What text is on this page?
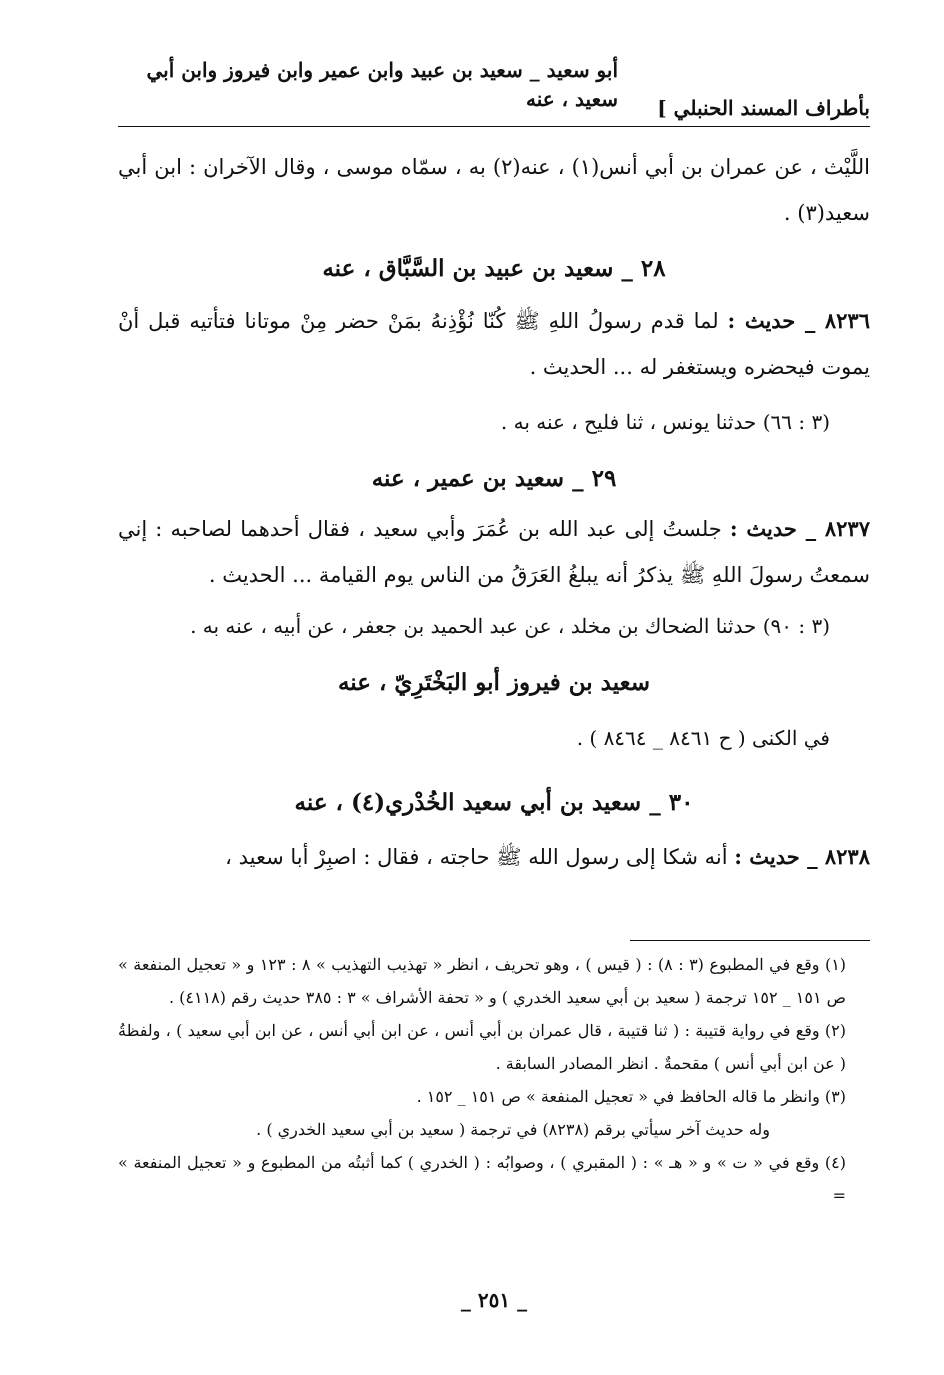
بأطراف المسند الحنبلي ]
أبو سعيد _ سعيد بن عبيد وابن عمير وابن فيروز وابن أبي
سعيد ، عنه

اللَّيْث ، عن عمران بن أبي أنس(١) ، عنه(٢) به ، سمّاه موسى ، وقال الآخران : ابن أبي سعيد(٣) .

٢٨ _ سعيد بن عبيد بن السَّبَّاق ، عنه

٨٢٣٦ _ حديث : لما قدم رسولُ اللهِ ﷺ كُنّا نُؤْذِنهُ بمَنْ حضر مِنْ موتانا فتأتيه قبل أنْ يموت فيحضره ويستغفر له ... الحديث .

(٣ : ٦٦) حدثنا يونس ، ثنا فليح ، عنه به .

٢٩ _ سعيد بن عمير ، عنه

٨٢٣٧ _ حديث : جلستُ إلى عبد الله بن عُمَرَ وأبي سعيد ، فقال أحدهما لصاحبه : إني سمعتُ رسولَ اللهِ ﷺ يذكرُ أنه يبلغُ العَرَقُ من الناس يوم القيامة ... الحديث .

(٣ : ٩٠) حدثنا الضحاك بن مخلد ، عن عبد الحميد بن جعفر ، عن أبيه ، عنه به .

سعيد بن فيروز أبو البَخْتَرِيّ ، عنه

في الكنى ( ح ٨٤٦١ _ ٨٤٦٤ ) .

٣٠ _ سعيد بن أبي سعيد الخُدْري(٤) ، عنه

٨٢٣٨ _ حديث : أنه شكا إلى رسول الله ﷺ حاجته ، فقال : اصبِرْ أبا سعيد ،

(١) وقع في المطبوع (٣ : ٨) : ( قيس ) ، وهو تحريف ، انظر « تهذيب التهذيب » ٨ : ١٢٣ و « تعجيل المنفعة » ص ١٥١ _ ١٥٢ ترجمة ( سعيد بن أبي سعيد الخدري ) و « تحفة الأشراف » ٣ : ٣٨٥ حديث رقم (٤١١٨) .

(٢) وقع في رواية قتيبة : ( ثنا قتيبة ، قال عمران بن أبي أنس ، عن ابن أبي أنس ، عن ابن أبي سعيد ) ، ولفظةُ ( عن ابن أبي أنس ) مقحمةٌ . انظر المصادر السابقة .

(٣) وانظر ما قاله الحافظ في « تعجيل المنفعة » ص ١٥١ _ ١٥٢ .

وله حديث آخر سيأتي برقم (٨٢٣٨) في ترجمة ( سعيد بن أبي سعيد الخدري ) .

(٤) وقع في « ت » و « هـ » : ( المقبري ) ، وصوابُه : ( الخدري ) كما أثبتُه من المطبوع و « تعجيل المنفعة » =

_ ٢٥١ _
